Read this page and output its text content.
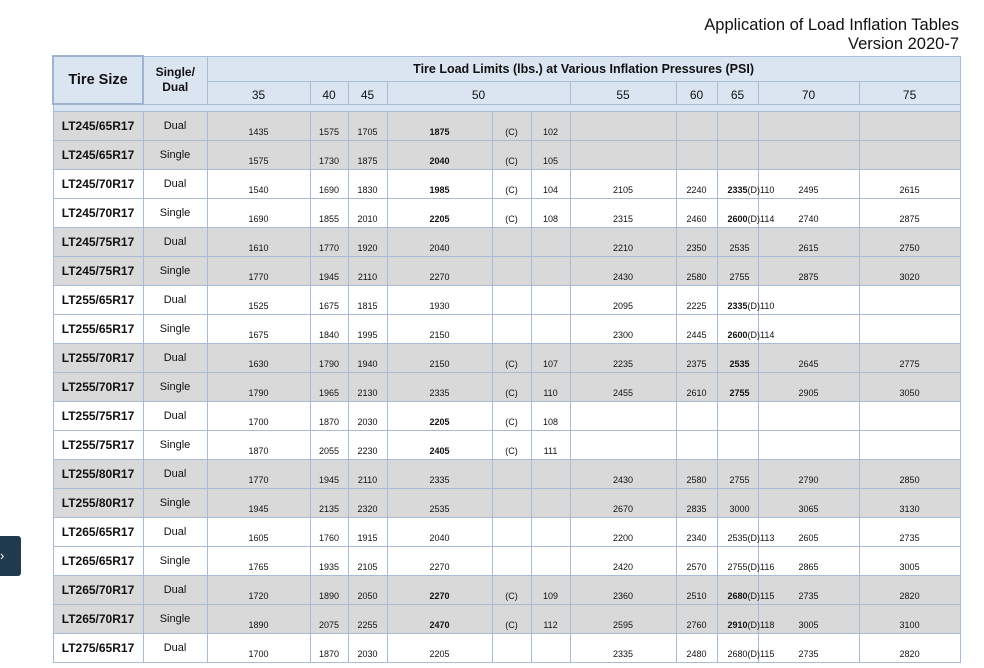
Application of Load Inflation Tables
Version 2020-7
›
Tire Size	Single/
Dual	Tire Load Limits (lbs.) at Various Inflation Pressures (PSI)											
		35	40	45	50			55	60	65	70	75		

LT245/65R17	Dual	1435	1575	1705	1875	(C)	102			

LT245/65R17	Single	1575	1730	1875	2040	(C)	105			

LT245/70R17	Dual	1540	1690	1830	1985	(C)	104	2105	2240	2335 (D) 110	2495	2615	

LT245/70R17	Single	1690	1855	2010	2205	(C)	108	2315	2460	2600 (D) 114	2740	2875	

LT245/75R17	Dual	1610	1770	1920	2040			2210	2350	2535	2615	2750	

LT245/75R17	Single	1770	1945	2110	2270			2430	2580	2755	2875	3020	

LT255/65R17	Dual	1525	1675	1815	1930			2095	2225	2335 (D) 110			

LT255/65R17	Single	1675	1840	1995	2150			2300	2445	2600 (D) 114			

LT255/70R17	Dual	1630	1790	1940	2150	(C)	107	2235	2375	2535	2645	2775	

LT255/70R17	Single	1790	1965	2130	2335	(C)	110	2455	2610	2755	2905	3050	

LT255/75R17	Dual	1700	1870	2030	2205	(C)	108			

LT255/75R17	Single	1870	2055	2230	2405	(C)	111			

LT255/80R17	Dual	1770	1945	2110	2335			2430	2580	2755	2790	2850	

LT255/80R17	Single	1945	2135	2320	2535			2670	2835	3000	3065	3130	

LT265/65R17	Dual	1605	1760	1915	2040			2200	2340	2535 (D) 113	2605	2735	

LT265/65R17	Single	1765	1935	2105	2270			2420	2570	2755 (D) 116	2865	3005	

LT265/70R17	Dual	1720	1890	2050	2270	(C)	109	2360	2510	2680 (D) 115	2735	2820	

LT265/70R17	Single	1890	2075	2255	2470	(C)	112	2595	2760	2910 (D) 118	3005	3100	

LT275/65R17	Dual	1700	1870	2030	2205			2335	2480	2680 (D) 115	2735	2820	
